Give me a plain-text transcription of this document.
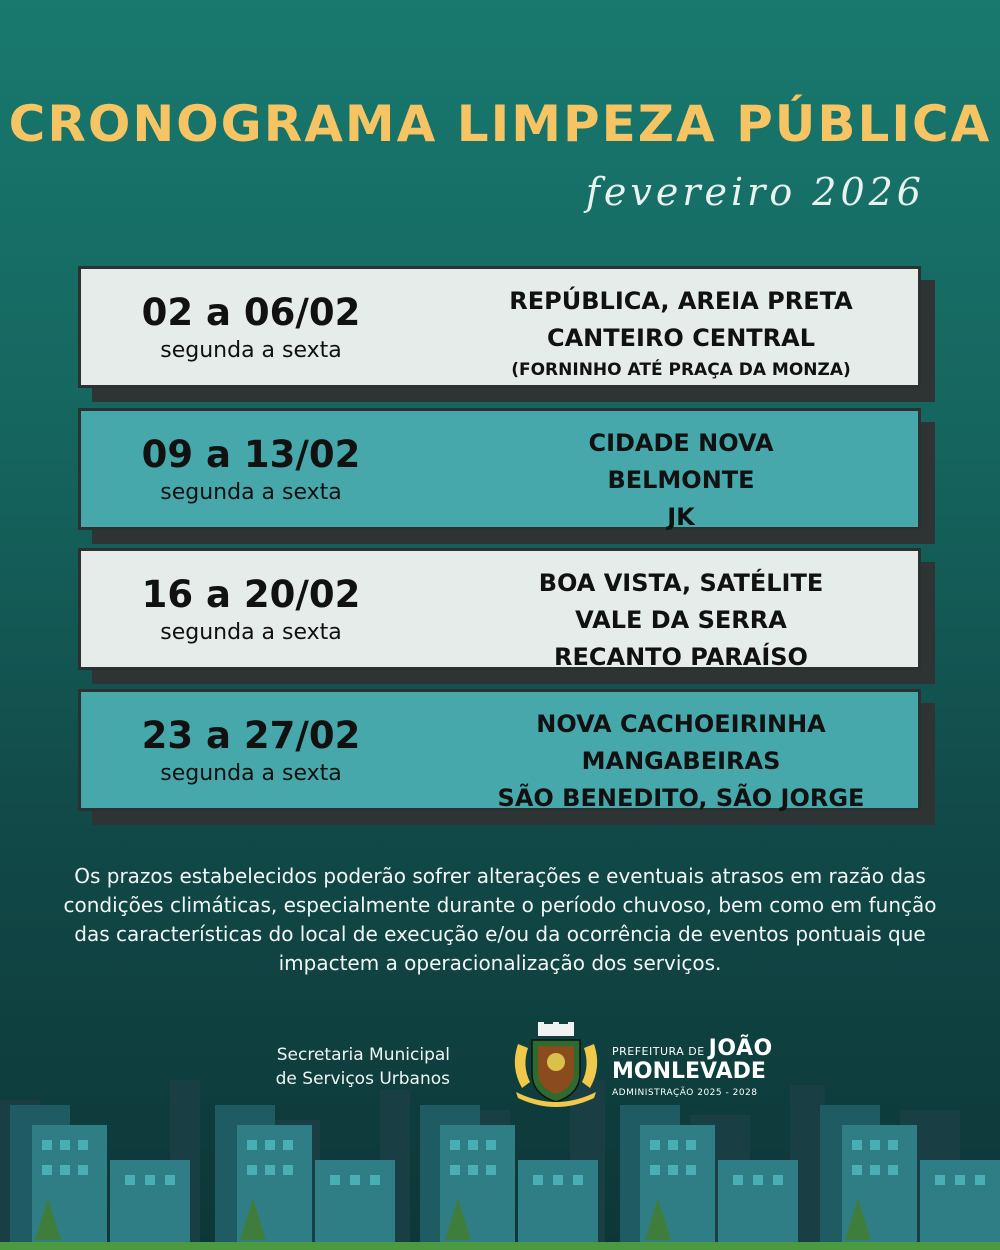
CRONOGRAMA LIMPEZA PÚBLICA
fevereiro 2026

02 a 06/02

segunda a sexta
REPÚBLICA, AREIA PRETA
CANTEIRO CENTRAL
(FORNINHO ATÉ PRAÇA DA MONZA)

09 a 13/02

segunda a sexta
CIDADE NOVA
BELMONTE
JK

16 a 20/02

segunda a sexta
BOA VISTA, SATÉLITE
VALE DA SERRA
RECANTO PARAÍSO

23 a 27/02

segunda a sexta
NOVA CACHOEIRINHA
MANGABEIRAS
SÃO BENEDITO, SÃO JORGE

Os prazos estabelecidos poderão sofrer alterações e eventuais atrasos em razão das condições climáticas, especialmente durante o período chuvoso, bem como em função das características do local de execução e/ou da ocorrência de eventos pontuais que impactem a operacionalização dos serviços.

Secretaria Municipal
de Serviços Urbanos
PREFEITURA DE JOÃO
MONLEVADE
ADMINISTRAÇÃO 2025 - 2028
